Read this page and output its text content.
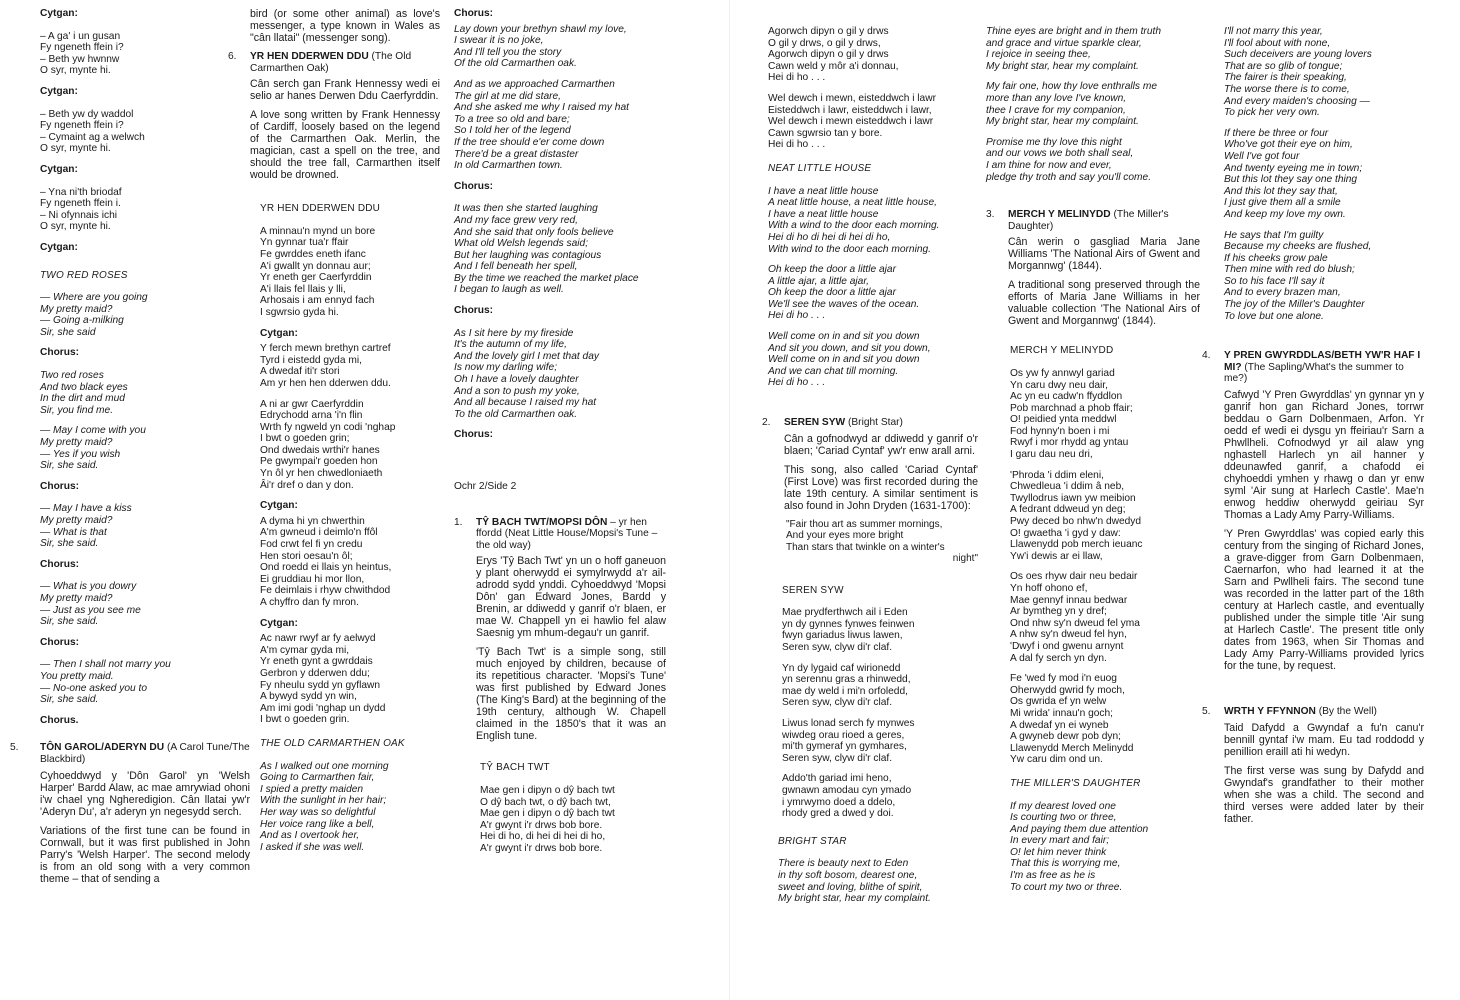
Cytgan:
– A ga' i un gusan
Fy ngeneth ffein i?
– Beth yw hwnnw
O syr, mynte hi.
Cytgan:
– Beth yw dy waddol
Fy ngeneth ffein i?
– Cymaint ag a welwch
O syr, mynte hi.
Cytgan:
– Yna ni'th briodaf
Fy ngeneth ffein i.
– Ni ofynnais ichi
O syr, mynte hi.
Cytgan:
TWO RED ROSES
— Where are you going
My pretty maid?
— Going a-milking
Sir, she said
Chorus:
Two red roses
And two black eyes
In the dirt and mud
Sir, you find me.
— May I come with you
My pretty maid?
— Yes if you wish
Sir, she said.
Chorus:
— May I have a kiss
My pretty maid?
— What is that
Sir, she said.
Chorus:
— What is you dowry
My pretty maid?
— Just as you see me
Sir, she said.
Chorus:
— Then I shall not marry you
You pretty maid.
— No-one asked you to
Sir, she said.
Chorus.
5.	TÔN GAROL/ADERYN DU (A Carol Tune/The Blackbird)
Cyhoeddwyd y 'Dôn Garol' yn 'Welsh Harper' Bardd Alaw, ac mae amrywiad ohoni i'w chael yng Ngheredigion. Cân llatai yw'r 'Aderyn Du', a'r aderyn yn negesydd serch.
Variations of the first tune can be found in Cornwall, but it was first published in John Parry's 'Welsh Harper'. The second melody is from an old song with a very common theme – that of sending a
bird (or some other animal) as love's messenger, a type known in Wales as "cân llatai" (messenger song).
6.	YR HEN DDERWEN DDU (The Old Carmarthen Oak)
Cân serch gan Frank Hennessy wedi ei selio ar hanes Derwen Ddu Caerfyrddin.
A love song written by Frank Hennessy of Cardiff, loosely based on the legend of the Carmarthen Oak. Merlin, the magician, cast a spell on the tree, and should the tree fall, Carmarthen itself would be drowned.
YR HEN DDERWEN DDU
A minnau'n mynd un bore
Yn gynnar tua'r ffair
Fe gwrddes eneth ifanc
A'i gwallt yn donnau aur;
Yr eneth ger Caerfyrddin
A'i llais fel llais y lli,
Arhosais i am ennyd fach
I sgwrsio gyda hi.
Cytgan:
Y ferch mewn brethyn cartref
Tyrd i eistedd gyda mi,
A dwedaf iti'r stori
Am yr hen hen dderwen ddu.
A ni ar gwr Caerfyrddin
Edrychodd arna 'i'n flin
Wrth fy ngweld yn codi 'nghap
I bwt o goeden grin;
Ond dwedais wrthi'r hanes
Pe gwympai'r goeden hon
Yn ôl yr hen chwedloniaeth
Âi'r dref o dan y don.
Cytgan:
A dyma hi yn chwerthin
A'm gwneud i deimlo'n ffôl
Fod crwt fel fi yn credu
Hen stori oesau'n ôl;
Ond roedd ei llais yn heintus,
Ei gruddiau hi mor llon,
Fe deimlais i rhyw chwithdod
A chyffro dan fy mron.
Cytgan:
Ac nawr rwyf ar fy aelwyd
A'm cymar gyda mi,
Yr eneth gynt a gwrddais
Gerbron y dderwen ddu;
Fy nheulu sydd yn gyflawn
A bywyd sydd yn win,
Am imi godi 'nghap un dydd
I bwt o goeden grin.
THE OLD CARMARTHEN OAK
As I walked out one morning
Going to Carmarthen fair,
I spied a pretty maiden
With the sunlight in her hair;
Her way was so delightful
Her voice rang like a bell,
And as I overtook her,
I asked if she was well.
Chorus:
Lay down your brethyn shawl my love,
I swear it is no joke,
And I'll tell you the story
Of the old Carmarthen oak.
And as we approached Carmarthen
The girl at me did stare,
And she asked me why I raised my hat
To a tree so old and bare;
So I told her of the legend
If the tree should e'er come down
There'd be a great distaster
In old Carmarthen town.
Chorus:
It was then she started laughing
And my face grew very red,
And she said that only fools believe
What old Welsh legends said;
But her laughing was contagious
And I fell beneath her spell,
By the time we reached the market place
I began to laugh as well.
Chorus:
As I sit here by my fireside
It's the autumn of my life,
And the lovely girl I met that day
Is now my darling wife;
Oh I have a lovely daughter
And a son to push my yoke,
And all because I raised my hat
To the old Carmarthen oak.
Chorus:
Ochr 2/Side 2
1.	TŶ BACH TWT/MOPSI DÔN – yr hen ffordd (Neat Little House/Mopsi's Tune – the old way)
Erys 'Tŷ Bach Twt' yn un o hoff ganeuon y plant oherwydd ei symylrwydd a'r ail-adrodd sydd ynddi. Cyhoeddwyd 'Mopsi Dôn' gan Edward Jones, Bardd y Brenin, ar ddiwedd y ganrif o'r blaen, er mae W. Chappell yn ei hawlio fel alaw Saesnig ym mhum-degau'r un ganrif.
'Tŷ Bach Twt' is a simple song, still much enjoyed by children, because of its repetitious character. 'Mopsi's Tune' was first published by Edward Jones (The King's Bard) at the beginning of the 19th century, although W. Chapell claimed in the 1850's that it was an English tune.
TŶ BACH TWT
Mae gen i dipyn o dŷ bach twt
O dŷ bach twt, o dŷ bach twt,
Mae gen i dipyn o dŷ bach twt
A'r gwynt i'r drws bob bore.
Hei di ho, di hei di hei di ho,
A'r gwynt i'r drws bob bore.
Agorwch dipyn o gil y drws
O gil y drws, o gil y drws,
Agorwch dipyn o gil y drws
Cawn weld y môr a'i donnau,
Hei di ho . . .
Wel dewch i mewn, eisteddwch i lawr
Eisteddwch i lawr, eisteddwch i lawr,
Wel dewch i mewn eisteddwch i lawr
Cawn sgwrsio tan y bore.
Hei di ho . . .
NEAT LITTLE HOUSE
I have a neat little house
A neat little house, a neat little house,
I have a neat little house
With a wind to the door each morning.
Hei di ho di hei di hei di ho,
With wind to the door each morning.
Oh keep the door a little ajar
A little ajar, a little ajar,
Oh keep the door a little ajar
We'll see the waves of the ocean.
Hei di ho . . .
Well come on in and sit you down
And sit you down, and sit you down,
Well come on in and sit you down
And we can chat till morning.
Hei di ho . . .
2.	SEREN SYW (Bright Star)
Cân a gofnodwyd ar ddiwedd y ganrif o'r blaen; 'Cariad Cyntaf' yw'r enw arall arni.
This song, also called 'Cariad Cyntaf' (First Love) was first recorded during the late 19th century. A similar sentiment is also found in John Dryden (1631-1700):
"Fair thou art as summer mornings,
And your eyes more bright
Than stars that twinkle on a winter's
night"
SEREN SYW
Mae prydferthwch ail i Eden
yn dy gynnes fynwes feinwen
fwyn gariadus liwus lawen,
Seren syw, clyw di'r claf.
Yn dy lygaid caf wirionedd
yn serennu gras a rhinwedd,
mae dy weld i mi'n orfoledd,
Seren syw, clyw di'r claf.
Liwus lonad serch fy mynwes
wiwdeg orau rioed a geres,
mi'th gymeraf yn gymhares,
Seren syw, clyw di'r claf.
Addo'th gariad imi heno,
gwnawn amodau cyn ymado
i ymrwymo doed a ddelo,
rhody gred a dwed y doi.
BRIGHT STAR
There is beauty next to Eden
in thy soft bosom, dearest one,
sweet and loving, blithe of spirit,
My bright star, hear my complaint.
Thine eyes are bright and in them truth
and grace and virtue sparkle clear,
I rejoice in seeing thee,
My bright star, hear my complaint.
My fair one, how thy love enthralls me
more than any love I've known,
thee I crave for my companion,
My bright star, hear my complaint.
Promise me thy love this night
and our vows we both shall seal,
I am thine for now and ever,
pledge thy troth and say you'll come.
3.	MERCH Y MELINYDD (The Miller's Daughter)
Cân werin o gasgliad Maria Jane Williams 'The National Airs of Gwent and Morgannwg' (1844).
A traditional song preserved through the efforts of Maria Jane Williams in her valuable collection 'The National Airs of Gwent and Morgannwg' (1844).
MERCH Y MELINYDD
Os yw fy annwyl gariad
Yn caru dwy neu dair,
Ac yn eu cadw'n ffyddlon
Pob marchnad a phob ffair;
O! peidied ynta meddwl
Fod hynny'n boen i mi
Rwyf i mor rhydd ag yntau
I garu dau neu dri,
'Phroda 'i ddim eleni,
Chwedleua 'i ddim â neb,
Twyllodrus iawn yw meibion
A fedrant ddweud yn deg;
Pwy deced bo nhw'n dwedyd
O! gwaetha 'i gyd y daw:
Llawenydd pob merch ieuanc
Yw'i dewis ar ei llaw,
Os oes rhyw dair neu bedair
Yn hoff ohono ef,
Mae gennyf innau bedwar
Ar bymtheg yn y dref;
Ond nhw sy'n dweud fel yma
A nhw sy'n dweud fel hyn,
'Dwyf i ond gwenu arnynt
A dal fy serch yn dyn.
Fe 'wed fy mod i'n euog
Oherwydd gwrid fy moch,
Os gwrida ef yn welw
Mi wrida' innau'n goch;
A dwedaf yn ei wyneb
A gwyneb dewr pob dyn;
Llawenydd Merch Melinydd
Yw caru dim ond un.
THE MILLER'S DAUGHTER
If my dearest loved one
Is courting two or three,
And paying them due attention
In every mart and fair;
O! let him never think
That this is worrying me,
I'm as free as he is
To court my two or three.
I'll not marry this year,
I'll fool about with none,
Such deceivers are young lovers
That are so glib of tongue;
The fairer is their speaking,
The worse there is to come,
And every maiden's choosing —
To pick her very own.
If there be three or four
Who've got their eye on him,
Well I've got four
And twenty eyeing me in town;
But this lot they say one thing
And this lot they say that,
I just give them all a smile
And keep my love my own.
He says that I'm guilty
Because my cheeks are flushed,
If his cheeks grow pale
Then mine with red do blush;
So to his face I'll say it
And to every brazen man,
The joy of the Miller's Daughter
To love but one alone.
4.	Y PREN GWYRDDLAS/BETH YW'R HAF I MI? (The Sapling/What's the summer to me?)
Cafwyd 'Y Pren Gwyrddlas' yn gynnar yn y ganrif hon gan Richard Jones, torrwr beddau o Garn Dolbenmaen, Arfon. Yr oedd ef wedi ei dysgu yn ffeiriau'r Sarn a Phwllheli. Cofnodwyd yr ail alaw yng nghastell Harlech yn ail hanner y ddeunawfed ganrif, a chafodd ei chyhoeddi ymhen y rhawg o dan yr enw syml 'Air sung at Harlech Castle'. Mae'n enwog heddiw oherwydd geiriau Syr Thomas a Lady Amy Parry-Williams.
'Y Pren Gwyrddlas' was copied early this century from the singing of Richard Jones, a grave-digger from Garn Dolbenmaen, Caernarfon, who had learned it at the Sarn and Pwllheli fairs. The second tune was recorded in the latter part of the 18th century at Harlech castle, and eventually published under the simple title 'Air sung at Harlech Castle'. The present title only dates from 1963, when Sir Thomas and Lady Amy Parry-Williams provided lyrics for the tune, by request.
5.	WRTH Y FFYNNON (By the Well)
Taid Dafydd a Gwyndaf a fu'n canu'r bennill gyntaf i'w mam. Eu tad roddodd y penillion eraill ati hi wedyn.
The first verse was sung by Dafydd and Gwyndaf's grandfather to their mother when she was a child. The second and third verses were added later by their father.
